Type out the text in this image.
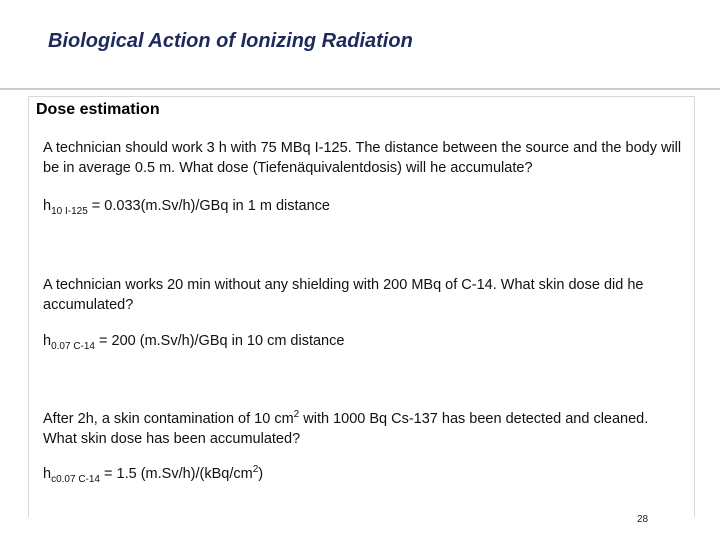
Biological Action of Ionizing Radiation
Dose estimation

A technician should work 3 h with 75 MBq I-125. The distance between the source and the body will be in average 0.5 m. What dose (Tiefenäquivalentdosis) will he accumulate?

$h_{10 I-125} = 0.033(m.Sv/h)/GBq$ in 1 m distance

A technician works 20 min without any shielding with 200 MBq of C-14. What skin dose did he accumulated?

$h_{0.07 C-14} = 200$ (m.Sv/h)/GBq in 10 cm distance

After 2h, a skin contamination of 10 $cm^2$ with 1000 Bq Cs-137 has been detected and cleaned. What skin dose has been accumulated?

$h_{c0.07 C-14} = 1.5$ $(m.Sv/h)/(kBq/cm^2)$

28
